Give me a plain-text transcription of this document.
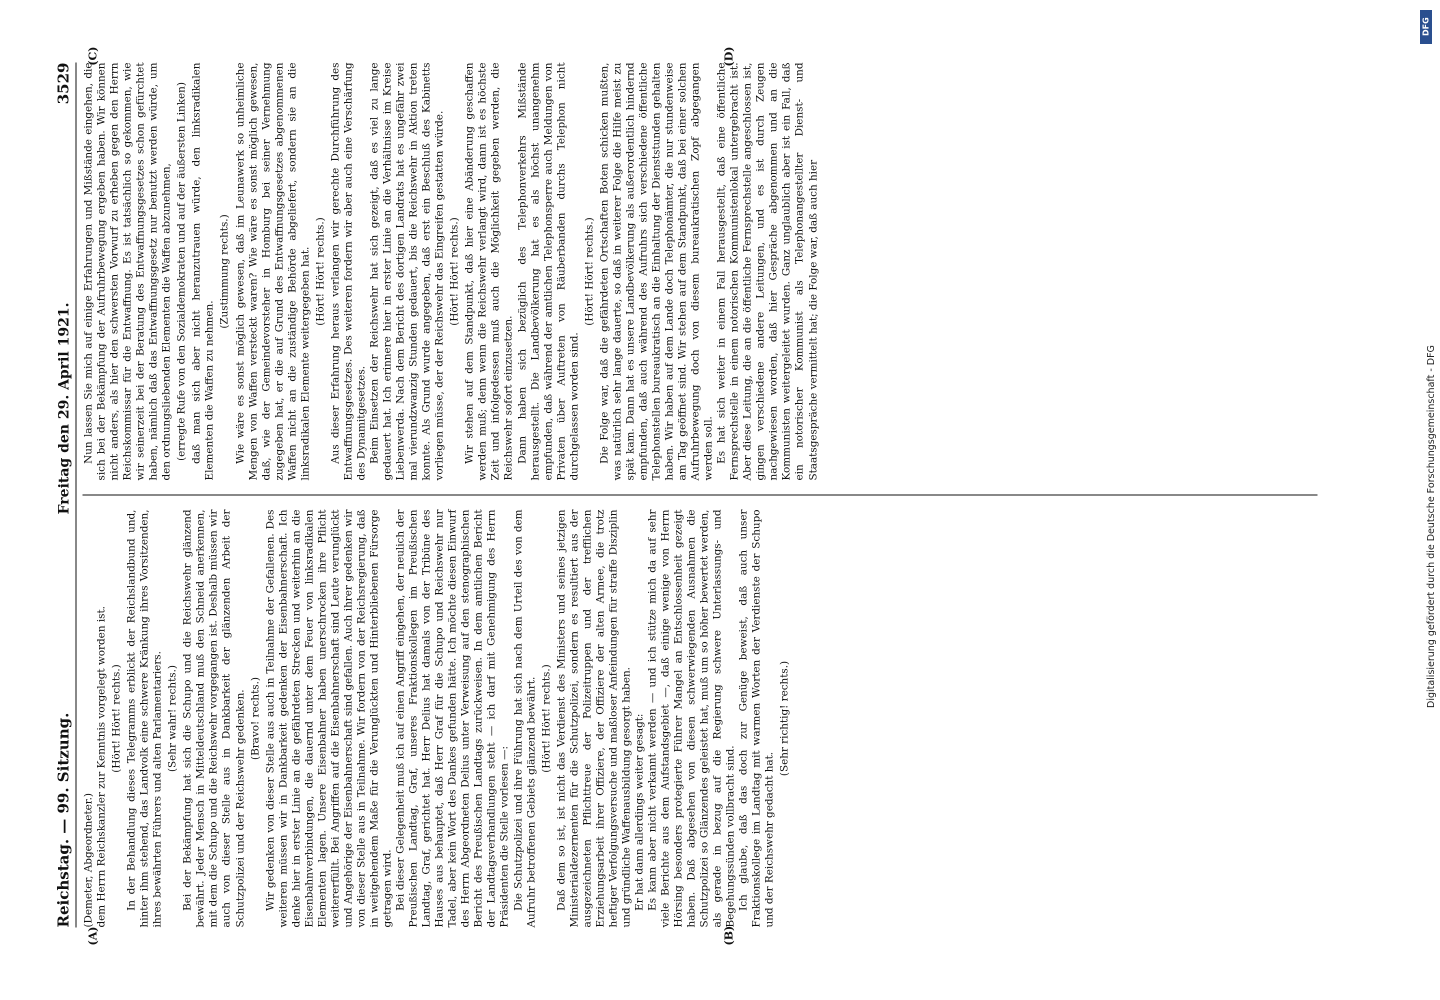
Reichstag. — 99. Sitzung.
Freitag den 29. April 1921.
3529
(A)	(B)

(Demeter, Abgeordneter.) dem Herrn Reichskanzler zur Kenntnis vorgelegt worden ist. (Hört! Hört! rechts.) In der Behandlung dieses Telegramms erblickt der Reichslandbund und, hinter ihm stehend, das Landvolk eine schwere Kränkung ihres Vorsitzenden, ihres bewährten Führers und alten Parlamentariers. (Sehr wahr! rechts.) Bei der Bekämpfung hat sich die Schupo und die Reichswehr glänzend bewährt. Jeder Mensch in Mitteldeutschland muß den Schneid anerkennen, mit dem die Schupo und die Reichswehr vorgegangen ist. Deshalb müssen wir auch von dieser Stelle aus in Dankbarkeit der glänzenden Arbeit der Schutzpolizei und der Reichswehr gedenken. (Bravo! rechts.) Wir gedenken von dieser Stelle aus auch in Teilnahme der Gefallenen. Des weiteren müssen wir in Dankbarkeit gedenken der Eisenbahnerschaft. Ich denke hier in erster Linie an die gefährdeten Strecken und weiterhin an die Eisenbahnverbindungen, die dauernd unter dem Feuer von linksradikalen Elementen lagen. Unsere Eisenbahner haben unerschrocken ihre Pflicht weitererfüllt. Bei Angriffen auf die Eisenbahnerschaft sind Leute verunglückt und Angehörige der Eisenbahnerschaft sind gefallen. Auch ihrer gedenken wir von dieser Stelle aus in Teilnahme. Wir fordern von der Reichsregierung, daß in weitgehendem Maße für die Verunglückten und Hinterbliebenen Fürsorge getragen wird. Bei dieser Gelegenheit muß ich auf einen Angriff eingehen, der neulich der Preußischen Landtag, Graf, unseres Fraktionskollegen im Preußischen Landtag, Graf, gerichtet hat. Herr Delius hat damals von der Tribüne des Hauses aus behauptet, daß Herr Graf für die Schupo und Reichswehr nur Tadel, aber kein Wort des Dankes gefunden hätte. Ich möchte diesen Einwurf des Herrn Abgeordneten Delius unter Verweisung auf den stenographischen Bericht des Preußischen Landtags zurückweisen. In dem amtlichen Bericht der Landtagsverhandlungen steht — ich darf mit Genehmigung des Herrn Präsidenten die Stelle vorlesen —: Die Schutzpolizei und ihre Führung hat sich nach dem Urteil des von dem Aufruhr betroffenen Gebiets glänzend bewährt. (Hört! Hört! rechts.) Daß dem so ist, ist nicht das Verdienst des Ministers und seines jetzigen Ministerialdezernenten für die Schutzpolizei, sondern es resultiert aus der ausgezeichneten Pflichttreue der Polizeitruppen und der trefflichen Erziehungsarbeit ihrer Offiziere, der Offiziere der alten Armee, die trotz heftiger Verfolgungsversuche und maßloser Anfeindungen für straffe Disziplin und gründliche Waffenausbildung gesorgt haben. Er hat dann allerdings weiter gesagt: Es kann aber nicht verkannt werden — und ich stütze mich da auf sehr viele Berichte aus dem Aufstandsgebiet —, daß einige wenige von Herrn Hörsing besonders protegierte Führer Mangel an Entschlossenheit gezeigt haben. Daß abgesehen von diesen schwerwiegenden Ausnahmen die Schutzpolizei so Glänzendes geleistet hat, muß um so höher bewertet werden, als gerade in bezug auf die Regierung schwere Unterlassungs- und Begehungssünden vollbracht sind. Ich glaube, daß das doch zur Genüge beweist, daß auch unser Fraktionskollege im Landtag mit warmen Worten der Verdienste der Schupo und der Reichswehr gedacht hat.

(Sehr richtig! rechts.)

(C)	(D)

Nun lassen Sie mich auf einige Erfahrungen und Mißstände eingehen, die sich bei der Bekämpfung der Aufruhrbewegung ergeben haben. Wir können nicht anders, als hier den schwersten Vorwurf zu erheben gegen den Herrn Reichskommissar für die Entwaffnung. Es ist tatsächlich so gekommen, wie wir seinerzeit bei der Beratung des Entwaffnungsgesetzes schon gefürchtet haben, nämlich daß das Entwaffnungsgesetz nur benutzt werden würde, um den ordnungsliebenden Elementen die Waffen abzunehmen, (erregte Rufe von den Sozialdemokraten und auf der äußersten Linken) daß man sich aber nicht heranzutrauen würde, den linksradikalen Elementen die Waffen zu nehmen.

(Zustimmung rechts.) Wie wäre es sonst möglich gewesen, daß im Leunawerk so unheimliche Mengen von Waffen versteckt waren? Wie wäre es sonst möglich gewesen, daß, wie der Gemeindevorsteher in Homburg bei seiner Vernehmung zugegeben hat, er die auf Grund des Entwaffnungsgesetzes abgenommenen Waffen nicht an die zuständige Behörde abgeliefert, sondern sie an die linksradikalen Elemente weitergegeben hat. (Hört! Hört! rechts.) Aus dieser Erfahrung heraus verlangen wir gerechte Durchführung des Entwaffnungsgesetzes. Des weiteren fordern wir aber auch eine Verschärfung des Dynamitgesetzes. Beim Einsetzen der Reichswehr hat sich gezeigt, daß es viel zu lange gedauert hat. Ich erinnere hier in erster Linie an die Verhältnisse im Kreise Liebenwerda. Nach dem Bericht des dortigen Landrats hat es ungefähr zwei mal vierundzwanzig Stunden gedauert, bis die Reichswehr in Aktion treten konnte. Als Grund wurde angegeben, daß erst ein Beschluß des Kabinetts vorliegen müsse, der der Reichswehr das Eingreifen gestatten würde. (Hört! Hört! rechts.) Wir stehen auf dem Standpunkt, daß hier eine Abänderung geschaffen werden muß; denn wenn die Reichswehr verlangt wird, dann ist es höchste Zeit und infolgedessen muß auch die Möglichkeit gegeben werden, die Reichswehr sofort einzusetzen. Dann haben sich bezüglich des Telephonverkehrs Mißstände herausgestellt. Die Landbevölkerung hat es als höchst unangenehm empfunden, daß während der amtlichen Telephonsperre auch Meldungen von Privaten über Auftreten von Räuberbanden durchs Telephon nicht durchgelassen worden sind.

(Hört! Hört! rechts.) Die Folge war, daß die gefährdeten Ortschaften Boten schicken mußten, was natürlich sehr lange dauerte, so daß in weiterer Folge die Hilfe meist zu spät kam. Dann hat es unsere Landbevölkerung als außerordentlich hindernd empfunden, daß auch während des Aufruhrs sich verschiedene öffentliche Telephonstellen bureaukratisch an die Einhaltung der Dienststunden gehalten haben. Wir haben auf dem Lande doch Telephonämter, die nur stundenweise am Tag geöffnet sind. Wir stehen auf dem Standpunkt, daß bei einer solchen Aufruhrbewegung doch von diesem bureaukratischen Zopf abgegangen werden soll. Es hat sich weiter in einem Fall herausgestellt, daß eine öffentliche Fernsprechstelle in einem notorischen Kommunistenlokal untergebracht ist. Aber diese Leitung, die an die öffentliche Fernsprechstelle angeschlossen ist, gingen verschiedene andere Leitungen, und es ist durch Zeugen nachgewiesen worden, daß hier Gespräche abgenommen und an die Kommunisten weitergeleitet wurden. Ganz unglaublich aber ist ein Fall, daß ein notorischer Kommunist als Telephonangestellter Dienst- und Staatsgespräche vermittelt hat; die Folge war, daß auch hier

DFG
Digitalisierung gefördert durch die Deutsche Forschungsgemeinschaft - DFG
